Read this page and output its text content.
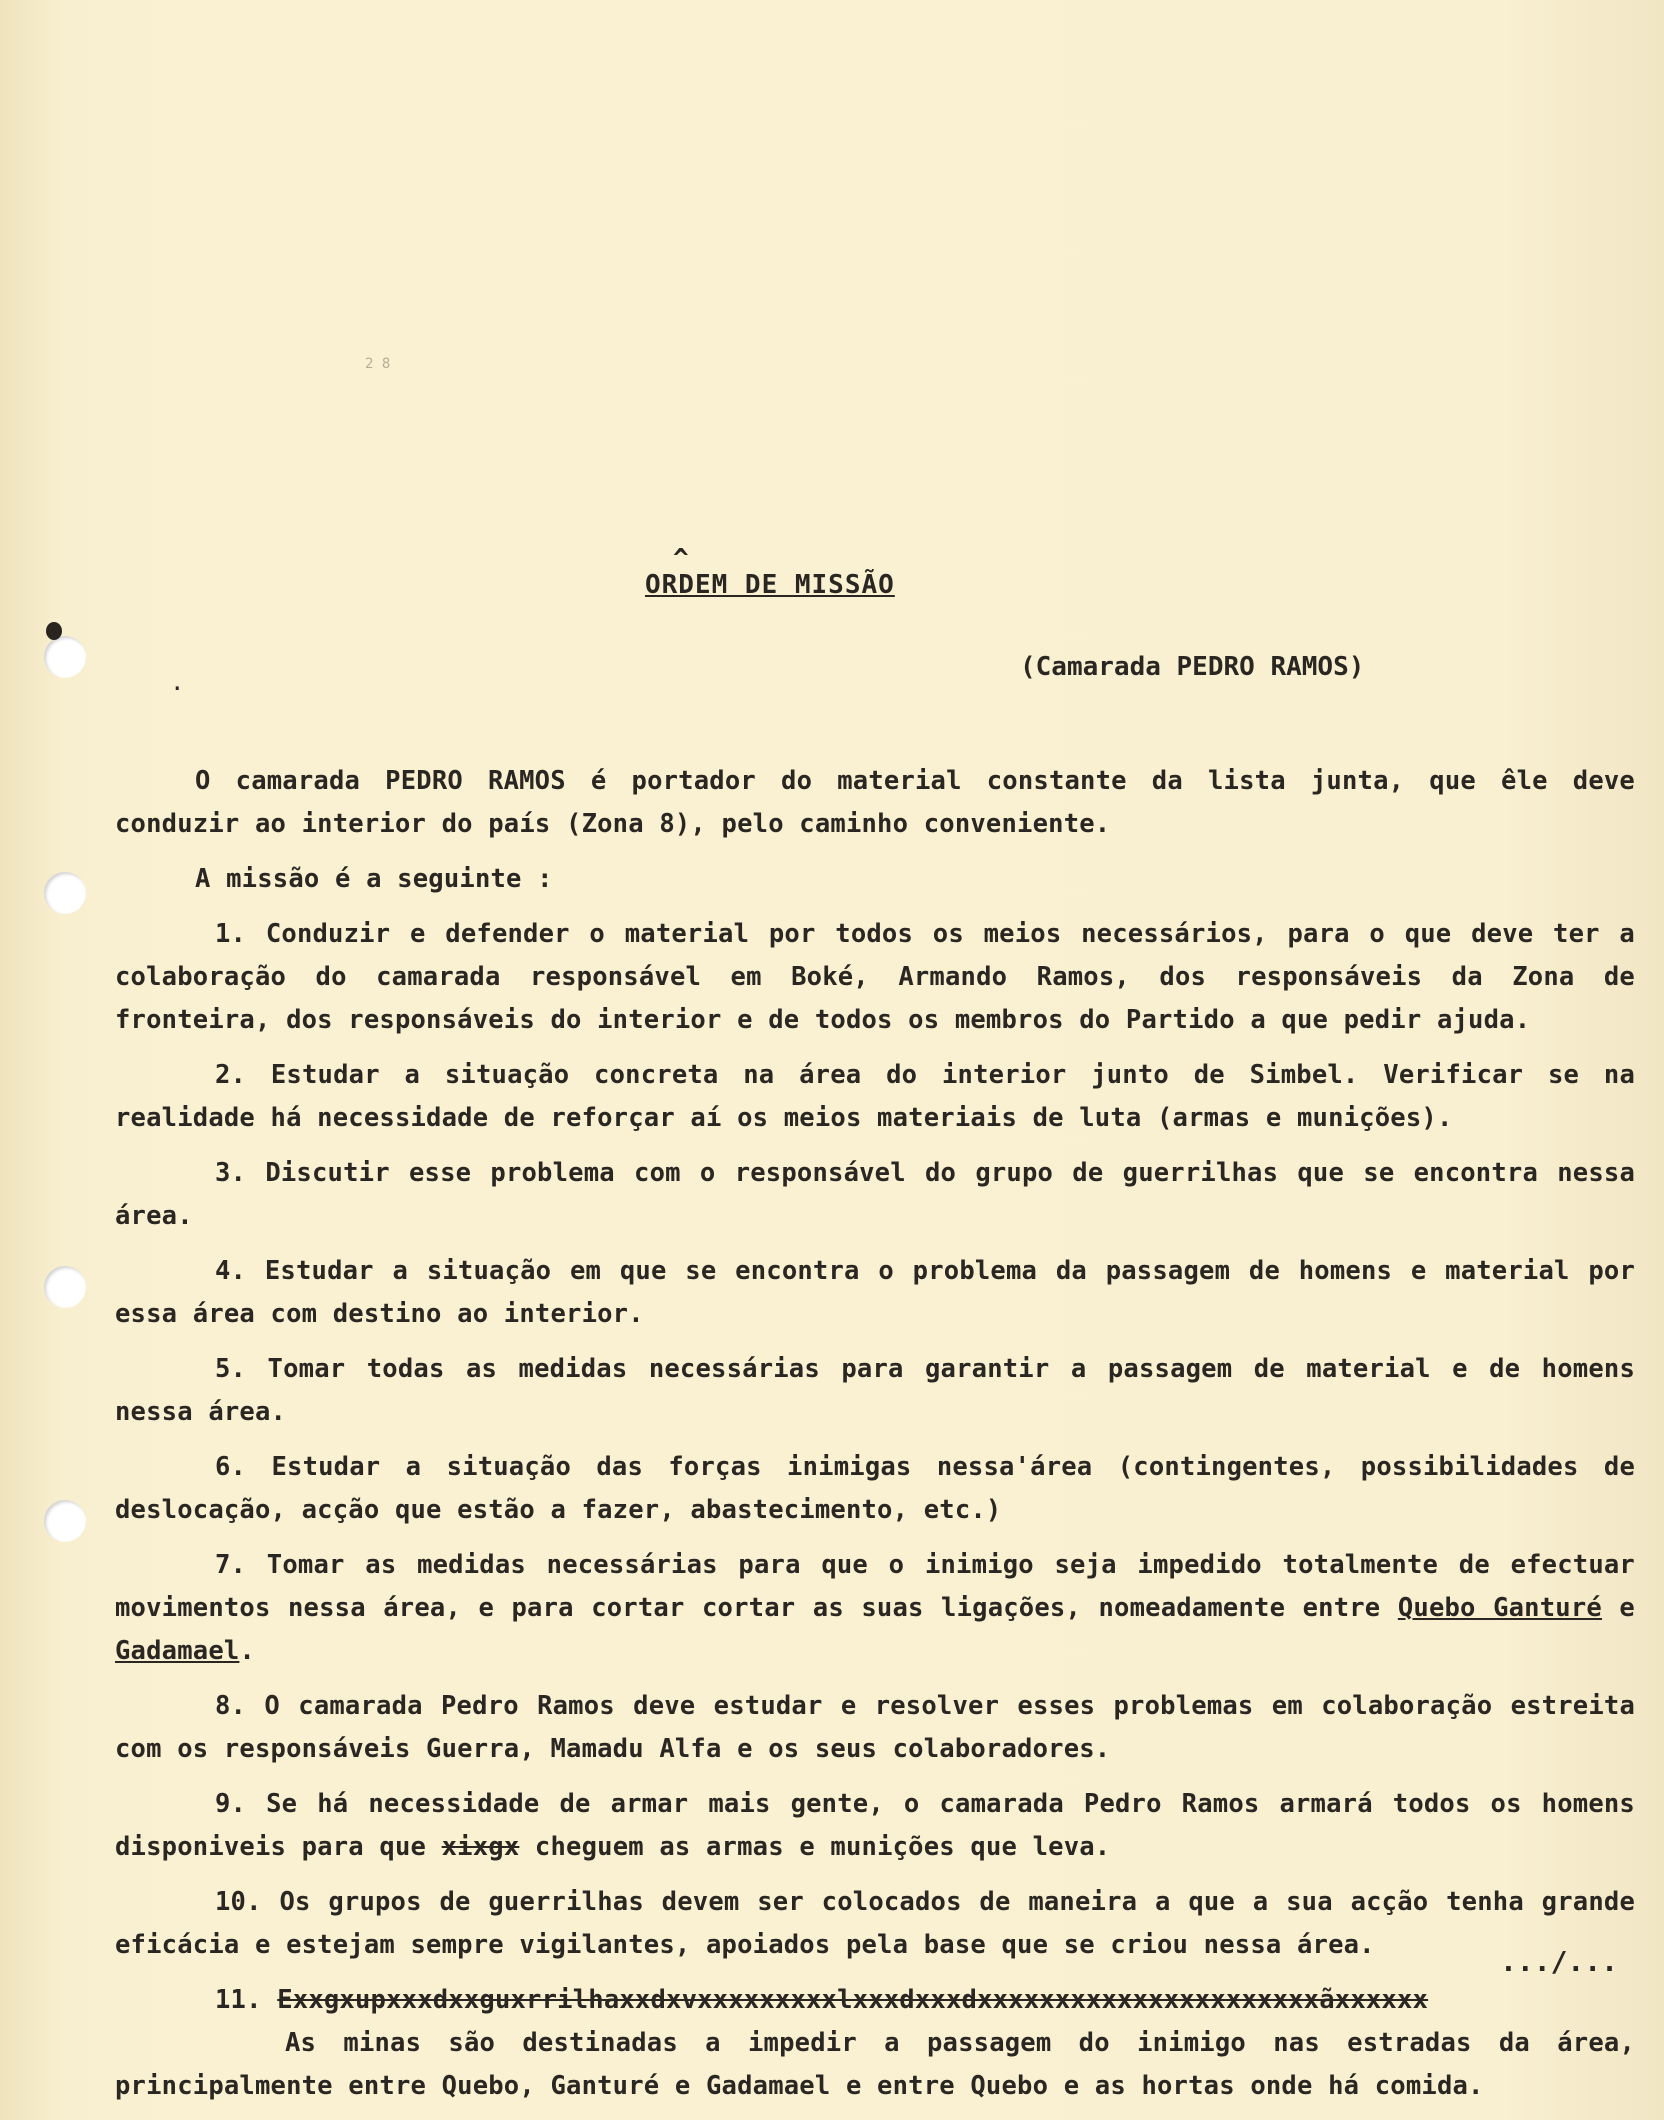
2 8
^
ORDEM DE MISSÃO
.	(Camarada PEDRO RAMOS)

O camarada PEDRO RAMOS é portador do material constante da lista junta, que êle deve conduzir ao interior do país (Zona 8), pelo caminho conveniente.

A missão é a seguinte :

1. Conduzir e defender o material por todos os meios necessários, para o que deve ter a colaboração do camarada responsável em Boké, Armando Ramos, dos responsáveis da Zona de fronteira, dos responsáveis do interior e de todos os membros do Partido a que pedir ajuda.

2. Estudar a situação concreta na área do interior junto de Simbel. Verificar se na realidade há necessidade de reforçar aí os meios materiais de luta (armas e munições).

3. Discutir esse problema com o responsável do grupo de guerrilhas que se encontra nessa área.

4. Estudar a situação em que se encontra o problema da passagem de homens e material por essa área com destino ao interior.

5. Tomar todas as medidas necessárias para garantir a passagem de material e de homens nessa área.

6. Estudar a situação das forças inimigas nessa'área (contingentes, possibilidades de deslocação, acção que estão a fazer, abastecimento, etc.)

7. Tomar as medidas necessárias para que o inimigo seja impedido totalmente de efectuar movimentos nessa área, e para cortar cortar as suas ligações, nomeadamente entre Quebo Ganturé e Gadamael.

8. O camarada Pedro Ramos deve estudar e resolver esses problemas em colaboração estreita com os responsáveis Guerra, Mamadu Alfa e os seus colaboradores.

9. Se há necessidade de armar mais gente, o camarada Pedro Ramos armará todos os homens disponiveis para que xixgx cheguem as armas e munições que leva.

10. Os grupos de guerrilhas devem ser colocados de maneira a que a sua acção tenha grande eficácia e estejam sempre vigilantes, apoiados pela base que se criou nessa área.

11. Exxgxupxxxdxxguxrrilhaxxdxvxxxxxxxxxlxxxdxxxdxxxxxxxxxxxxxxxxxxxxxxãxxxxxx

As minas são destinadas a impedir a passagem do inimigo nas estradas da área, principalmente entre Quebo, Ganturé e Gadamael e entre Quebo e as hortas onde há comida.

.../...
